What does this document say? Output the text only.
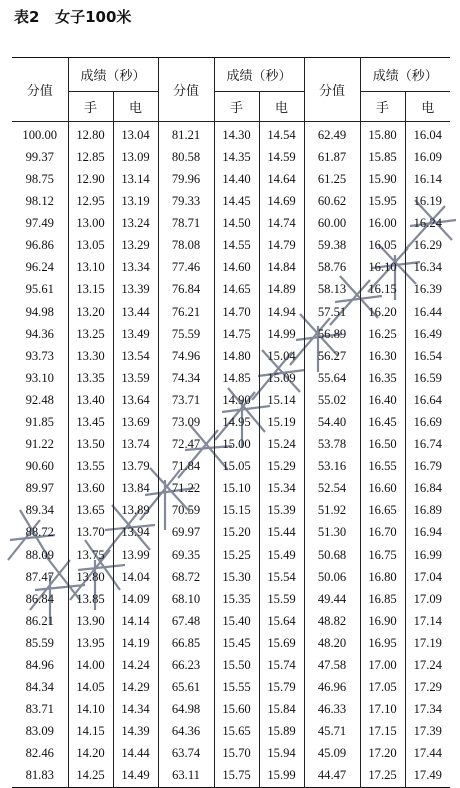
表2   女子100米
分值	成绩（秒）		分值	成绩（秒）		分值	成绩（秒）	
	手	电		手	电		手	电
100.00	12.80	13.04	81.21	14.30	14.54	62.49	15.80	16.04
99.37	12.85	13.09	80.58	14.35	14.59	61.87	15.85	16.09
98.75	12.90	13.14	79.96	14.40	14.64	61.25	15.90	16.14
98.12	12.95	13.19	79.33	14.45	14.69	60.62	15.95	16.19
97.49	13.00	13.24	78.71	14.50	14.74	60.00	16.00	16.24
96.86	13.05	13.29	78.08	14.55	14.79	59.38	16.05	16.29
96.24	13.10	13.34	77.46	14.60	14.84	58.76	16.10	16.34
95.61	13.15	13.39	76.84	14.65	14.89	58.13	16.15	16.39
94.98	13.20	13.44	76.21	14.70	14.94	57.51	16.20	16.44
94.36	13.25	13.49	75.59	14.75	14.99	56.89	16.25	16.49
93.73	13.30	13.54	74.96	14.80	15.04	56.27	16.30	16.54
93.10	13.35	13.59	74.34	14.85	15.09	55.64	16.35	16.59
92.48	13.40	13.64	73.71	14.90	15.14	55.02	16.40	16.64
91.85	13.45	13.69	73.09	14.95	15.19	54.40	16.45	16.69
91.22	13.50	13.74	72.47	15.00	15.24	53.78	16.50	16.74
90.60	13.55	13.79	71.84	15.05	15.29	53.16	16.55	16.79
89.97	13.60	13.84	71.22	15.10	15.34	52.54	16.60	16.84
89.34	13.65	13.89	70.59	15.15	15.39	51.92	16.65	16.89
88.72	13.70	13.94	69.97	15.20	15.44	51.30	16.70	16.94
88.09	13.75	13.99	69.35	15.25	15.49	50.68	16.75	16.99
87.47	13.80	14.04	68.72	15.30	15.54	50.06	16.80	17.04
86.84	13.85	14.09	68.10	15.35	15.59	49.44	16.85	17.09
86.21	13.90	14.14	67.48	15.40	15.64	48.82	16.90	17.14
85.59	13.95	14.19	66.85	15.45	15.69	48.20	16.95	17.19
84.96	14.00	14.24	66.23	15.50	15.74	47.58	17.00	17.24
84.34	14.05	14.29	65.61	15.55	15.79	46.96	17.05	17.29
83.71	14.10	14.34	64.98	15.60	15.84	46.33	17.10	17.34
83.09	14.15	14.39	64.36	15.65	15.89	45.71	17.15	17.39
82.46	14.20	14.44	63.74	15.70	15.94	45.09	17.20	17.44
81.83	14.25	14.49	63.11	15.75	15.99	44.47	17.25	17.49
